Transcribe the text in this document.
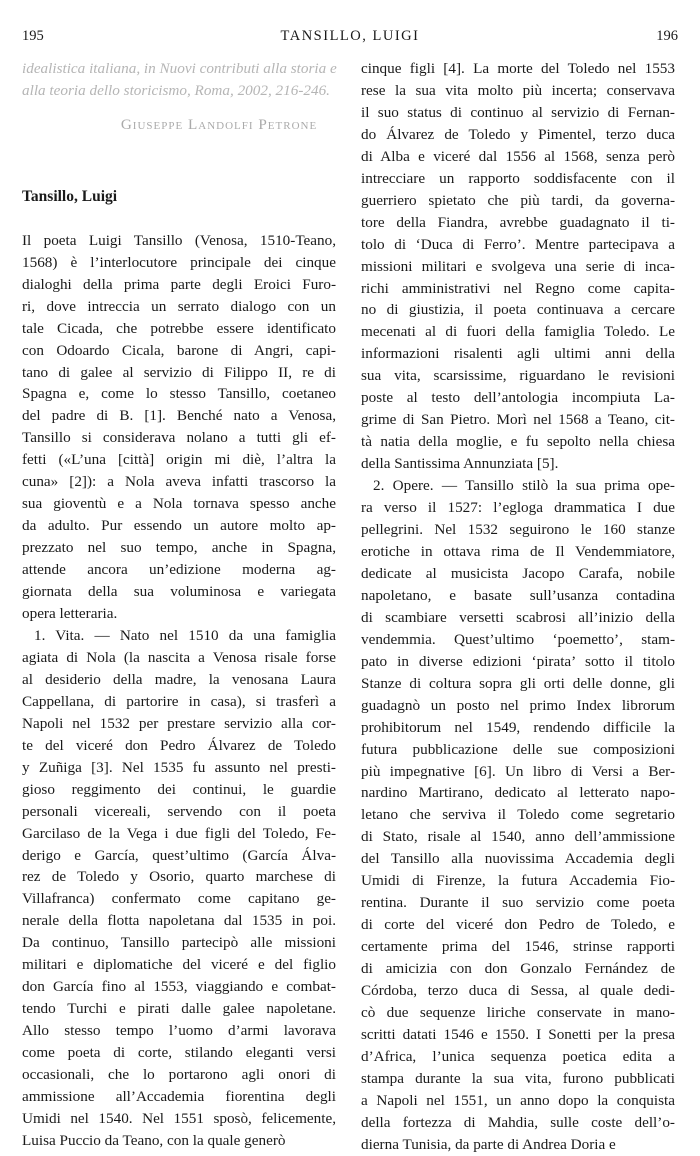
195	TANSILLO, LUIGI	196
idealistica italiana, in Nuovi contributi alla storia e
alla teoria dello storicismo, Roma, 2002, 216-246.
Giuseppe Landolfi Petrone
Tansillo, Luigi
Il poeta Luigi Tansillo (Venosa, 1510-Teano,
1568) è l’interlocutore principale dei cinque
dialoghi della prima parte degli Eroici Furo-
ri, dove intreccia un serrato dialogo con un
tale Cicada, che potrebbe essere identificato
con Odoardo Cicala, barone di Angri, capi-
tano di galee al servizio di Filippo II, re di
Spagna e, come lo stesso Tansillo, coetaneo
del padre di B. [1]. Benché nato a Venosa,
Tansillo si considerava nolano a tutti gli ef-
fetti («L’una [città] origin mi diè, l’altra la
cuna» [2]): a Nola aveva infatti trascorso la
sua gioventù e a Nola tornava spesso anche
da adulto. Pur essendo un autore molto ap-
prezzato nel suo tempo, anche in Spagna,
attende ancora un’edizione moderna ag-
giornata della sua voluminosa e variegata
opera letteraria.
1. Vita. — Nato nel 1510 da una famiglia
agiata di Nola (la nascita a Venosa risale forse
al desiderio della madre, la venosana Laura
Cappellana, di partorire in casa), si trasferì a
Napoli nel 1532 per prestare servizio alla cor-
te del viceré don Pedro Álvarez de Toledo
y Zuñiga [3]. Nel 1535 fu assunto nel presti-
gioso reggimento dei continui, le guardie
personali vicereali, servendo con il poeta
Garcilaso de la Vega i due figli del Toledo, Fe-
derigo e García, quest’ultimo (García Álva-
rez de Toledo y Osorio, quarto marchese di
Villafranca) confermato come capitano ge-
nerale della flotta napoletana dal 1535 in poi.
Da continuo, Tansillo partecipò alle missioni
militari e diplomatiche del viceré e del figlio
don García fino al 1553, viaggiando e combat-
tendo Turchi e pirati dalle galee napoletane.
Allo stesso tempo l’uomo d’armi lavorava
come poeta di corte, stilando eleganti versi
occasionali, che lo portarono agli onori di
ammissione all’Accademia fiorentina degli
Umidi nel 1540. Nel 1551 sposò, felicemente,
Luisa Puccio da Teano, con la quale generò
cinque figli [4]. La morte del Toledo nel 1553
rese la sua vita molto più incerta; conservava
il suo status di continuo al servizio di Fernan-
do Álvarez de Toledo y Pimentel, terzo duca
di Alba e viceré dal 1556 al 1568, senza però
intrecciare un rapporto soddisfacente con il
guerriero spietato che più tardi, da governa-
tore della Fiandra, avrebbe guadagnato il ti-
tolo di ‘Duca di Ferro’. Mentre partecipava a
missioni militari e svolgeva una serie di inca-
richi amministrativi nel Regno come capita-
no di giustizia, il poeta continuava a cercare
mecenati al di fuori della famiglia Toledo. Le
informazioni risalenti agli ultimi anni della
sua vita, scarsissime, riguardano le revisioni
poste al testo dell’antologia incompiuta La-
grime di San Pietro. Morì nel 1568 a Teano, cit-
tà natia della moglie, e fu sepolto nella chiesa
della Santissima Annunziata [5].
2. Opere. — Tansillo stilò la sua prima ope-
ra verso il 1527: l’egloga drammatica I due
pellegrini. Nel 1532 seguirono le 160 stanze
erotiche in ottava rima de Il Vendemmiatore,
dedicate al musicista Jacopo Carafa, nobile
napoletano, e basate sull’usanza contadina
di scambiare versetti scabrosi all’inizio della
vendemmia. Quest’ultimo ‘poemetto’, stam-
pato in diverse edizioni ‘pirata’ sotto il titolo
Stanze di coltura sopra gli orti delle donne, gli
guadagnò un posto nel primo Index librorum
prohibitorum nel 1549, rendendo difficile la
futura pubblicazione delle sue composizioni
più impegnative [6]. Un libro di Versi a Ber-
nardino Martirano, dedicato al letterato napo-
letano che serviva il Toledo come segretario
di Stato, risale al 1540, anno dell’ammissione
del Tansillo alla nuovissima Accademia degli
Umidi di Firenze, la futura Accademia Fio-
rentina. Durante il suo servizio come poeta
di corte del viceré don Pedro de Toledo, e
certamente prima del 1546, strinse rapporti
di amicizia con don Gonzalo Fernández de
Córdoba, terzo duca di Sessa, al quale dedi-
cò due sequenze liriche conservate in mano-
scritti datati 1546 e 1550. I Sonetti per la presa
d’Africa, l’unica sequenza poetica edita a
stampa durante la sua vita, furono pubblicati
a Napoli nel 1551, un anno dopo la conquista
della fortezza di Mahdia, sulle coste dell’o-
dierna Tunisia, da parte di Andrea Doria e
